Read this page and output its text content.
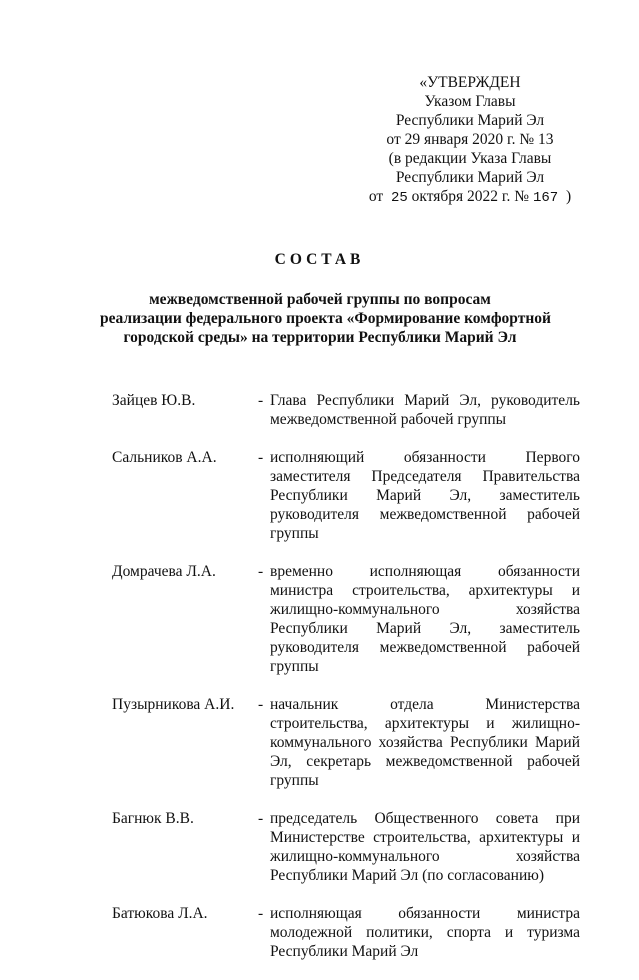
«УТВЕРЖДЕН
Указом Главы
Республики Марий Эл
от 29 января 2020 г. № 13
(в редакции Указа Главы
Республики Марий Эл
от 25 октября 2022 г. № 167 )
СОСТАВ
межведомственной рабочей группы по вопросам
реализации федерального проекта «Формирование комфортной
городской среды» на территории Республики Марий Эл
Зайцев Ю.В.	- Глава Республики Марий Эл, руководитель межведомственной рабочей группы
Сальников А.А.	- исполняющий обязанности Первого заместителя Председателя Правительства Республики Марий Эл, заместитель руководителя межведомственной рабочей группы
Домрачева Л.А.	- временно исполняющая обязанности министра строительства, архитектуры и жилищно-коммунального хозяйства Республики Марий Эл, заместитель руководителя межведомственной рабочей группы
Пузырникова А.И.	- начальник отдела Министерства строительства, архитектуры и жилищно-коммунального хозяйства Республики Марий Эл, секретарь межведомственной рабочей группы
Багнюк В.В.	- председатель Общественного совета при Министерстве строительства, архитектуры и жилищно-коммунального хозяйства Республики Марий Эл (по согласованию)
Батюкова Л.А.	- исполняющая обязанности министра молодежной политики, спорта и туризма Республики Марий Эл
